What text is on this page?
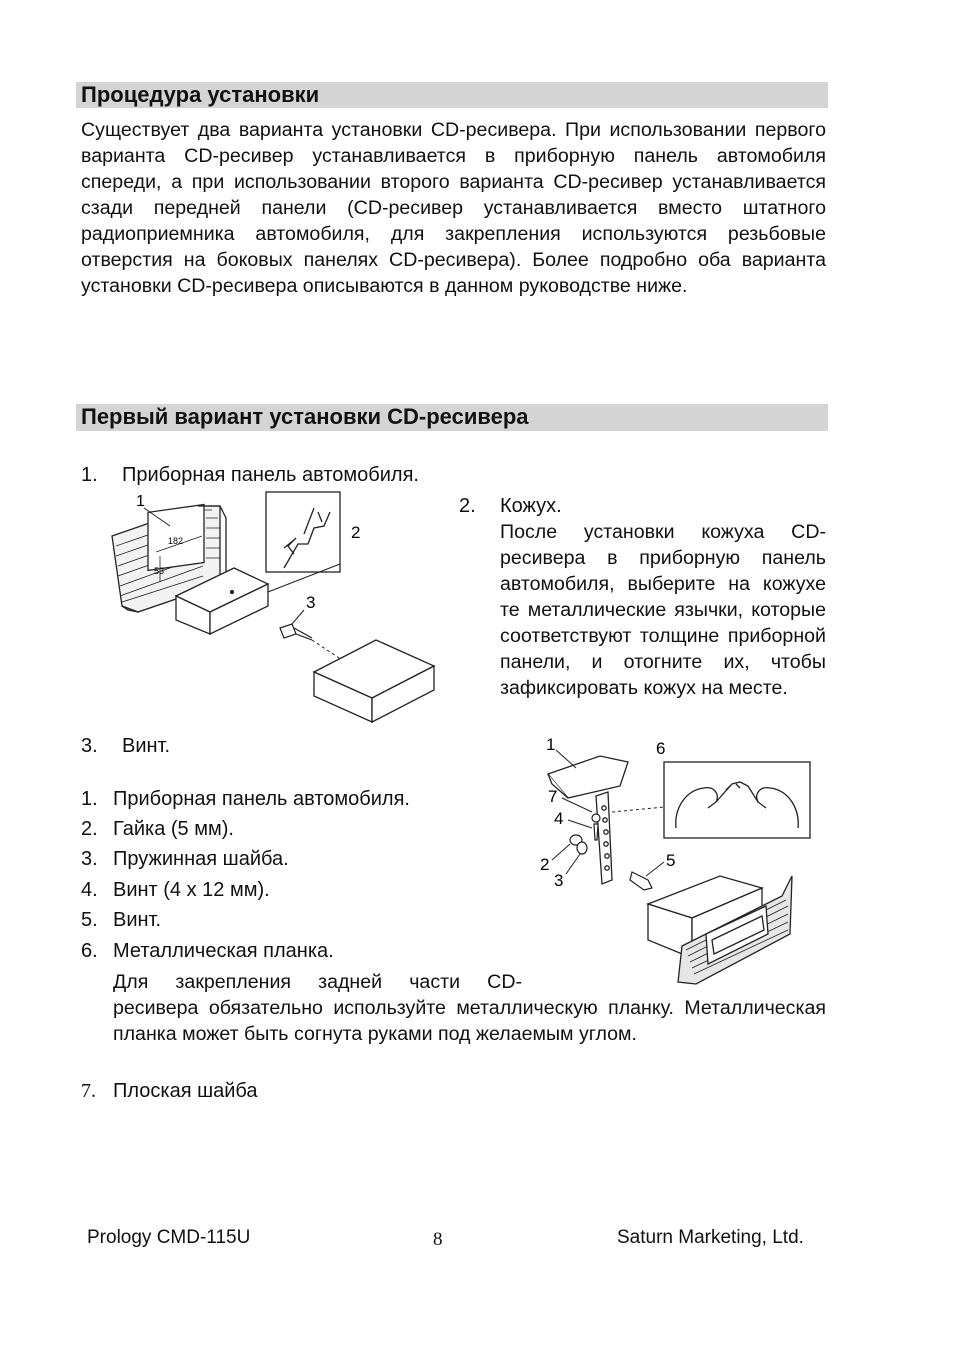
Процедура установки
Существует два варианта установки CD-ресивера. При использовании первого варианта CD-ресивер устанавливается в приборную панель автомобиля спереди, а при использовании второго варианта CD-ресивер устанавливается сзади передней панели (CD-ресивер устанавливается вместо штатного радиоприемника автомобиля, для закрепления используются резьбовые отверстия на боковых панелях CD-ресивера). Более подробно оба варианта установки CD-ресивера описываются в данном руководстве ниже.
Первый вариант установки CD-ресивера
1. Приборная панель автомобиля.
2. Кожух.
После установки кожуха CD-ресивера в приборную панель автомобиля, выберите на кожухе те металлические язычки, которые соответствуют толщине приборной панели, и отогните их, чтобы зафиксировать кожух на месте.
1
182
53
2
3
3. Винт.
1. Приборная панель автомобиля.
2. Гайка (5 мм).
3. Пружинная шайба.
4. Винт (4 х 12 мм).
5. Винт.
6. Металлическая планка.
Для закрепления задней части CD-
ресивера обязательно используйте металлическую планку. Металлическая планка может быть согнута руками под желаемым углом.
7. Плоская шайба
1	6
7
4
2
3
5
Prology CMD-115U	8	Saturn Marketing, Ltd.
